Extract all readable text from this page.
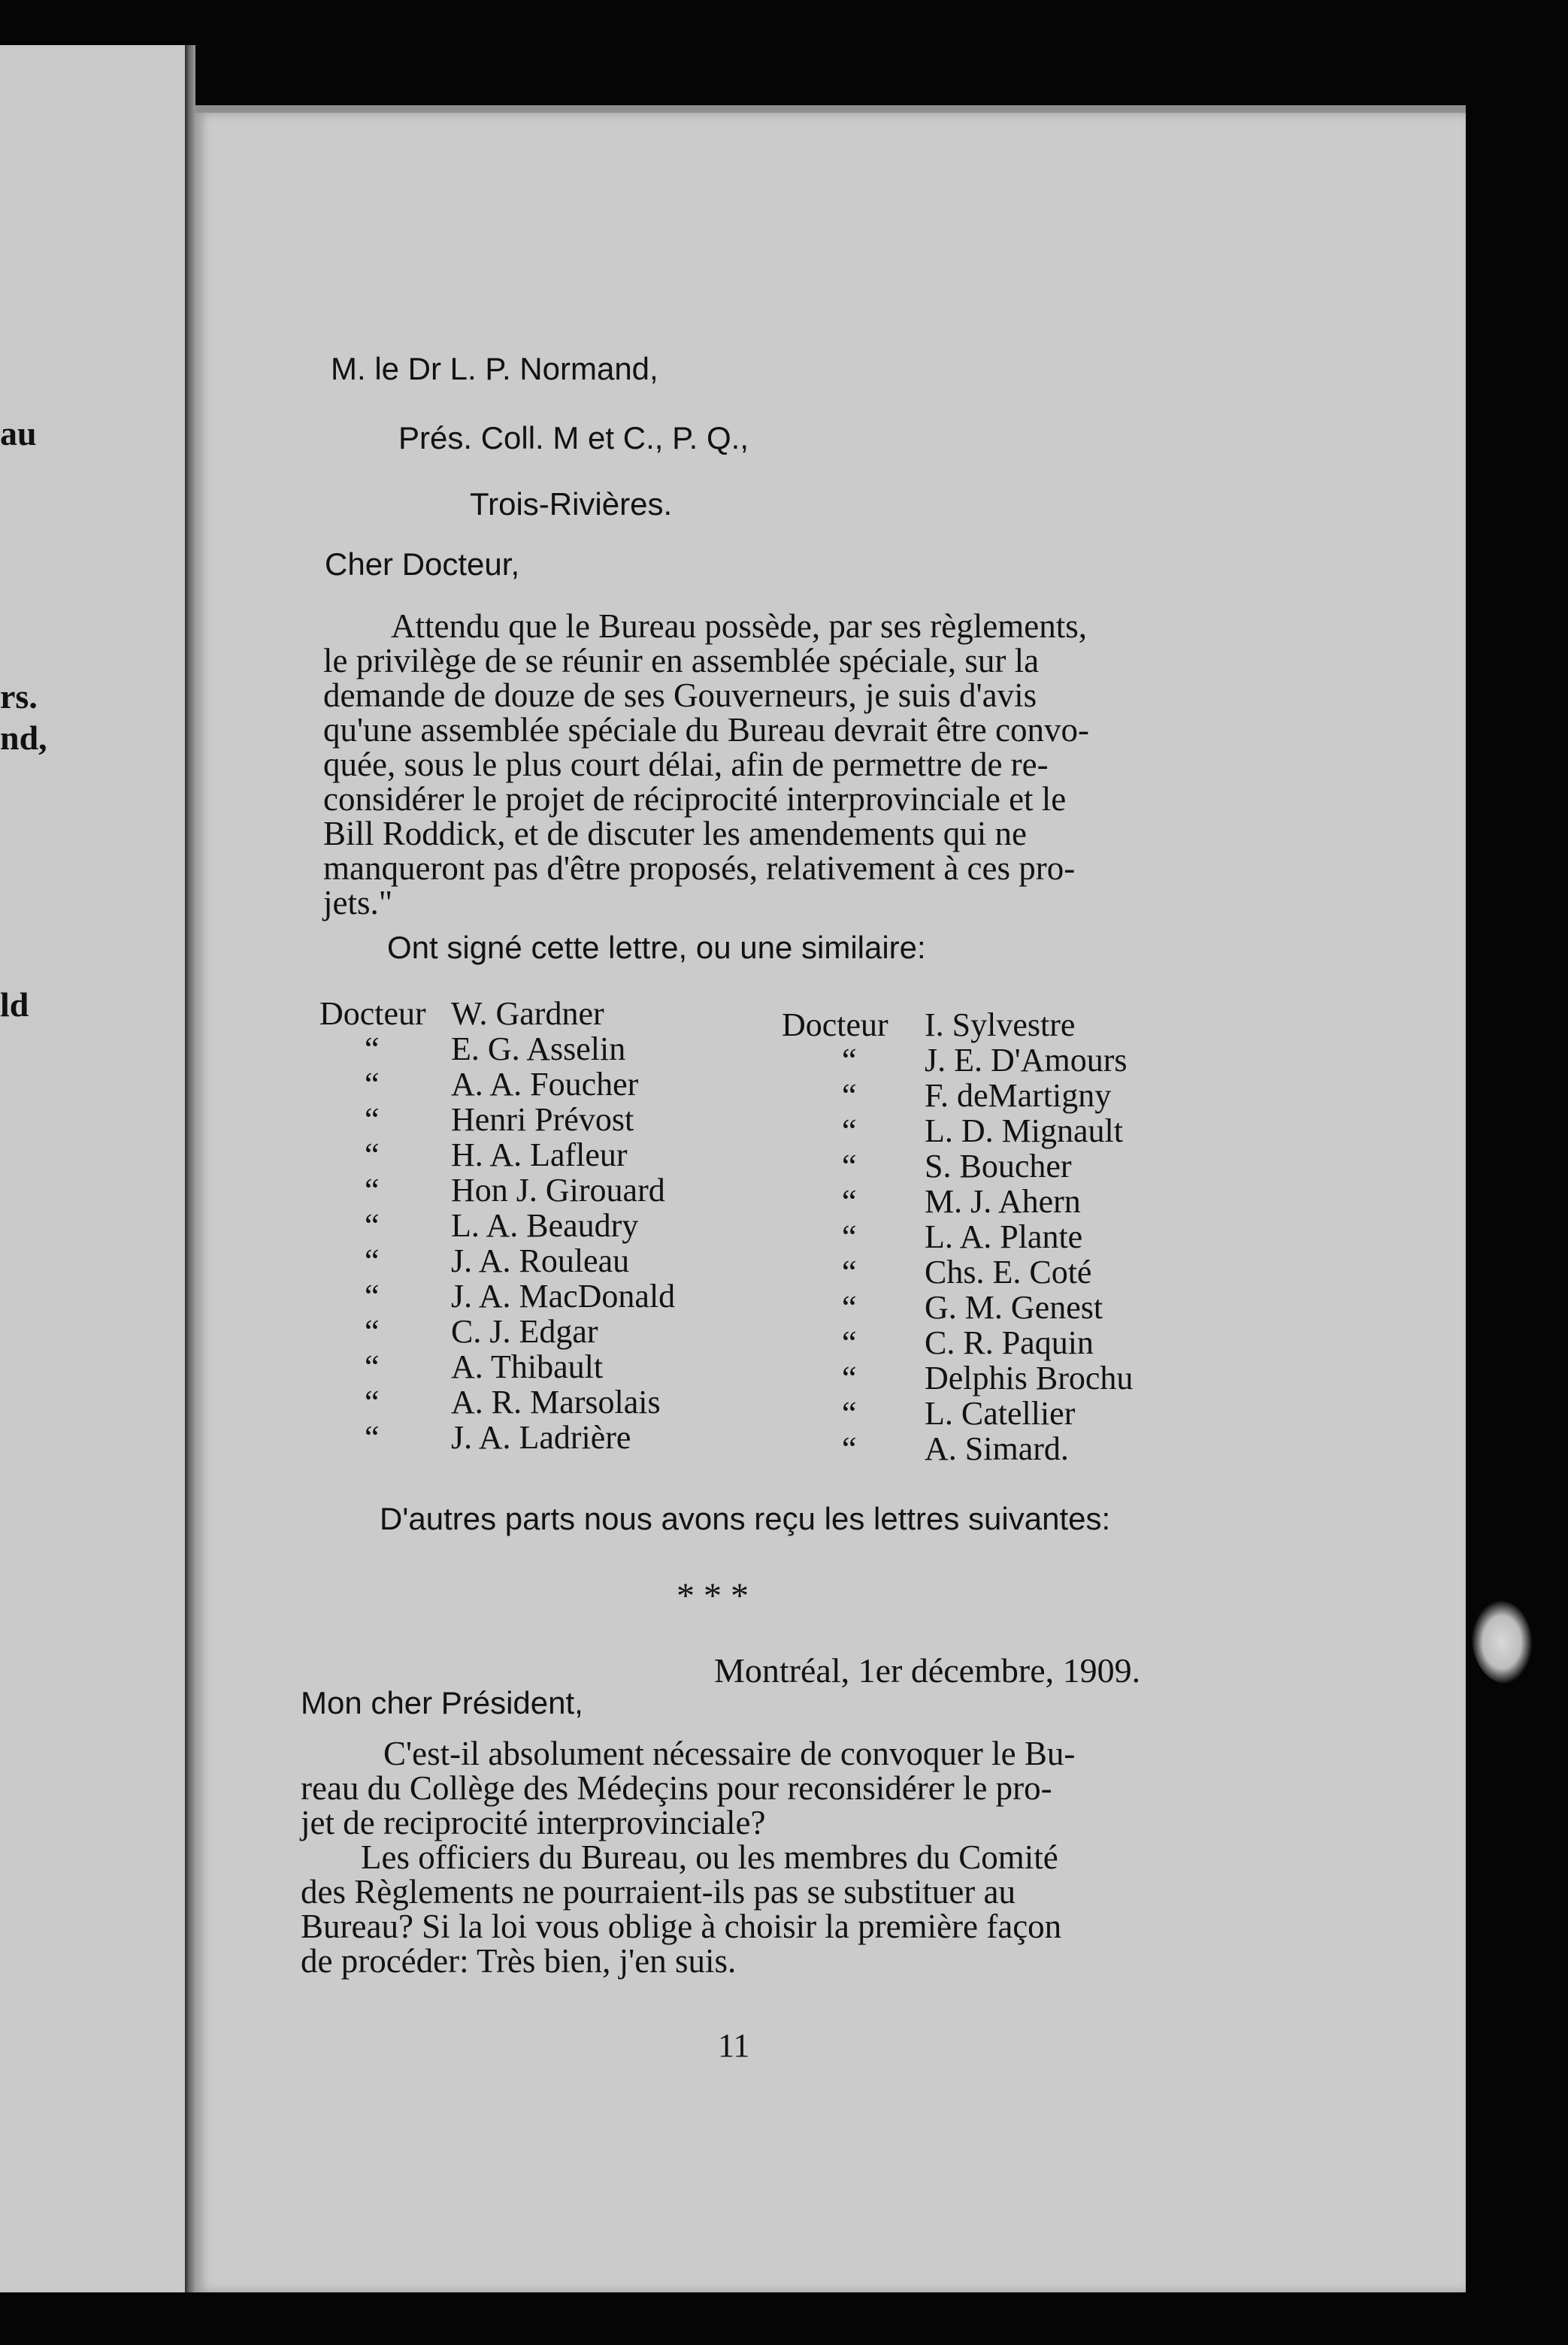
au
rs.
nd,
ld
M. le Dr L. P. Normand,
Prés. Coll. M et C., P. Q.,
Trois-Rivières.
Cher Docteur,
Attendu que le Bureau possède, par ses règlements,
le privilège de se réunir en assemblée spéciale, sur la
demande de douze de ses Gouverneurs, je suis d'avis
qu'une assemblée spéciale du Bureau devrait être convo-
quée, sous le plus court délai, afin de permettre de re-
considérer le projet de réciprocité interprovinciale et le
Bill Roddick, et de discuter les amendements qui ne
manqueront pas d'être proposés, relativement à ces pro-
jets."
Ont signé cette lettre, ou une similaire:
Docteur W. Gardner
“	E. G. Asselin
“	A. A. Foucher
“	Henri Prévost
“	H. A. Lafleur
“	Hon J. Girouard
“	L. A. Beaudry
“	J. A. Rouleau
“	J. A. MacDonald
“	C. J. Edgar
“	A. Thibault
“	A. R. Marsolais
“	J. A. Ladrière
Docteur	I. Sylvestre
“	J. E. D'Amours
“	F. deMartigny
“	L. D. Mignault
“	S. Boucher
“	M. J. Ahern
“	L. A. Plante
“	Chs. E. Coté
“	G. M. Genest
“	C. R. Paquin
“	Delphis Brochu
“	L. Catellier
“	A. Simard.
D'autres parts nous avons reçu les lettres suivantes:
* * *
Montréal, 1er décembre, 1909.
Mon cher Président,
C'est-il absolument nécessaire de convoquer le Bu-
reau du Collège des Médeçins pour reconsidérer le pro-
jet de reciprocité interprovinciale?
Les officiers du Bureau, ou les membres du Comité
des Règlements ne pourraient-ils pas se substituer au
Bureau? Si la loi vous oblige à choisir la première façon
de procéder: Très bien, j'en suis.
11
